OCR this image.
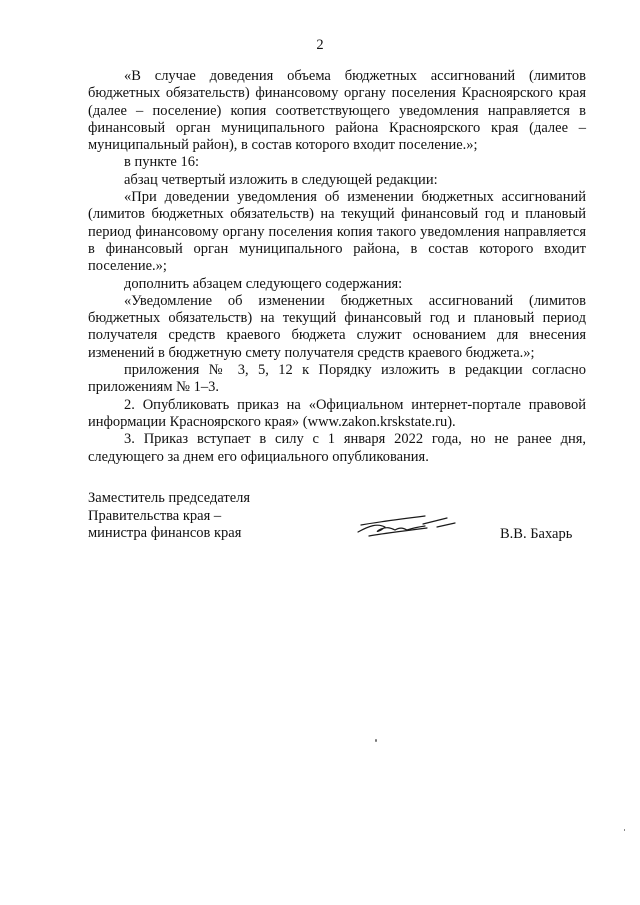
2

«В случае доведения объема бюджетных ассигнований (лимитов бюджетных обязательств) финансовому органу поселения Красноярского края (далее – поселение) копия соответствующего уведомления направляется в финансовый орган муниципального района Красноярского края (далее – муниципальный район), в состав которого входит поселение.»;

в пункте 16:

абзац четвертый изложить в следующей редакции:

«При доведении уведомления об изменении бюджетных ассигнований (лимитов бюджетных обязательств) на текущий финансовый год и плановый период финансовому органу поселения копия такого уведомления направляется в финансовый орган муниципального района, в состав которого входит поселение.»;

дополнить абзацем следующего содержания:

«Уведомление об изменении бюджетных ассигнований (лимитов бюджетных обязательств) на текущий финансовый год и плановый период получателя средств краевого бюджета служит основанием для внесения изменений в бюджетную смету получателя средств краевого бюджета.»;

приложения № 3, 5, 12 к Порядку изложить в редакции согласно приложениям № 1–3.

2. Опубликовать приказ на «Официальном интернет-портале правовой информации Красноярского края» (www.zakon.krskstate.ru).

3. Приказ вступает в силу с 1 января 2022 года, но не ранее дня, следующего за днем его официального опубликования.

Заместитель председателя
Правительства края –
министра финансов края	В.В. Бахарь
